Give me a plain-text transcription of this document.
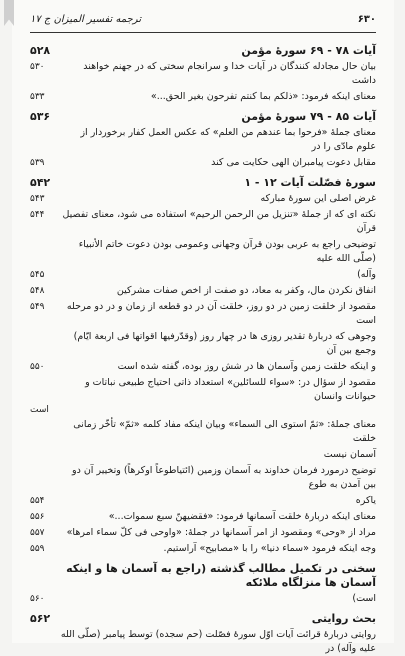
۶۳۰
ترجمه تفسیر المیزان ج ۱۷
آیات ۷۸ - ۶۹ سورهٔ مؤمن
۵۲۸
بیان حال مجادله کنندگان در آیات خدا و سرانجام سختی که در جهنم خواهند داشت
۵۳۰
معنای اینکه فرمود: «ذلکم بما کنتم تفرحون بغیر الحق...»
۵۳۳
آیات ۸۵ - ۷۹ سورهٔ مؤمن
۵۳۶
معنای جملهٔ «فرحوا بما عندهم من العلم» که عکس العمل کفار برخوردار از علوم مادّی را در
مقابل دعوت پیامبران الهی حکایت می کند
۵۳۹
سورهٔ فصّلت آیات ۱۲ - ۱
۵۴۲
غرض اصلی این سورهٔ مبارکه
۵۴۳
نکته ای که از جملهٔ «تنزیل من الرحمن الرحیم» استفاده می شود، معنای تفصیل قرآن
۵۴۴
توضیحی راجع به عربی بودن قرآن وجهانی وعمومی بودن دعوت خاتم الأنبیاء (صلّی الله علیه
وآله)
۵۴۵
انفاق نکردن مال، وکفر به معاد، دو صفت از اخص صفات مشرکین
۵۴۸
مقصود از خلقت زمین در دو روز، خلقت آن در دو قطعه از زمان و در دو مرحله است
۵۴۹
وجوهی که دربارهٔ تقدیر روزی ها در چهار روز (وقدّرفیها اقواتها فی اربعة ایّام) وجمع بین آن
و اینکه خلقت زمین وآسمان ها در شش روز بوده، گفته شده است
۵۵۰
مقصود از سؤال در: «سواء للسائلین» استعداد ذاتی احتیاج طبیعی نباتات و حیوانات وانسان
است
معنای جملهٔ: «ثمّ استوی الی السماء» وبیان اینکه مفاد کلمه «ثمّ» تأخّر زمانی خلقت
آسمان نیست
توضیح درمورد فرمان خداوند به آسمان وزمین (ائتیاطوعاً اوکرهاً) وتخییر آن دو بین آمدن به طوع
یاکره
۵۵۴
معنای اینکه دربارهٔ خلقت آسمانها فرمود: «فقضیهنّ سبع سموات...»
۵۵۶
مراد از «وحی» ومقصود از امر آسمانها در جملهٔ: «واوحی فی کلّ سماء امرها»
۵۵۷
وجه اینکه فرمود «سماء دنیا» را با «مصابیح» آراستیم.
۵۵۹
سخنی در تکمیل مطالب گذشته (راجع به آسمان ها و اینکه آسمان ها منزلگاه ملائکه
است)
۵۶۰
بحث روایتی
۵۶۲
روایتی دربارهٔ قرائت آیات اوّل سورهٔ فصّلت (حم سجده) توسط پیامبر (صلّی الله علیه وآله) در
